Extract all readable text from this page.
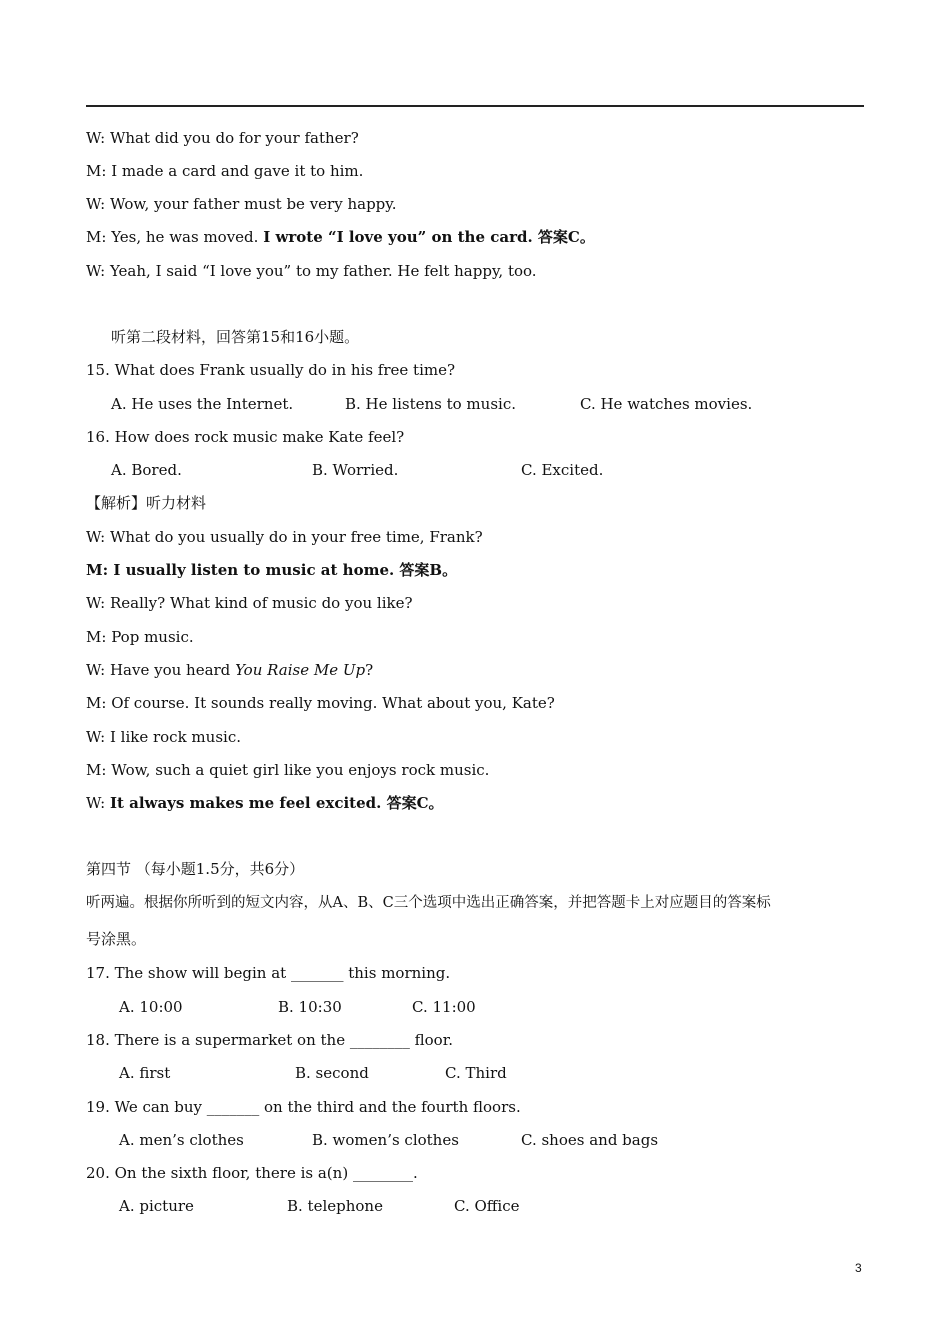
W: What did you do for your father?
M: I made a card and gave it to him.
W: Wow, your father must be very happy.
M: Yes, he was moved. I wrote “I love you” on the card. 答案C。
W: Yeah, I said “I love you” to my father. He felt happy, too.
听第二段材料，回答第15和16小题。
15. What does Frank usually do in his free time?
A. He uses the Internet.	B. He listens to music.	C. He watches movies.
16. How does rock music make Kate feel?
A. Bored.	B. Worried.	C. Excited.
【解析】听力材料
W: What do you usually do in your free time, Frank?
M: I usually listen to music at home. 答案B。
W: Really? What kind of music do you like?
M: Pop music.
W: Have you heard You Raise Me Up?
M: Of course. It sounds really moving. What about you, Kate?
W: I like rock music.
M: Wow, such a quiet girl like you enjoys rock music.
W: It always makes me feel excited. 答案C。
第四节 （每小题1.5分，共6分）
听两遍。根据你所听到的短文内容，从A、B、C三个选项中选出正确答案，并把答题卡上对应题目的答案标
号涂黑。
17. The show will begin at _______ this morning.
A. 10:00	B. 10:30	C. 11:00
18. There is a supermarket on the ________ floor.
A. first	B. second	C. Third
19. We can buy _______ on the third and the fourth floors.
A. men’s clothes	B. women’s clothes	C. shoes and bags
20. On the sixth floor, there is a(n) ________.
A. picture	B. telephone	C. Office
3
